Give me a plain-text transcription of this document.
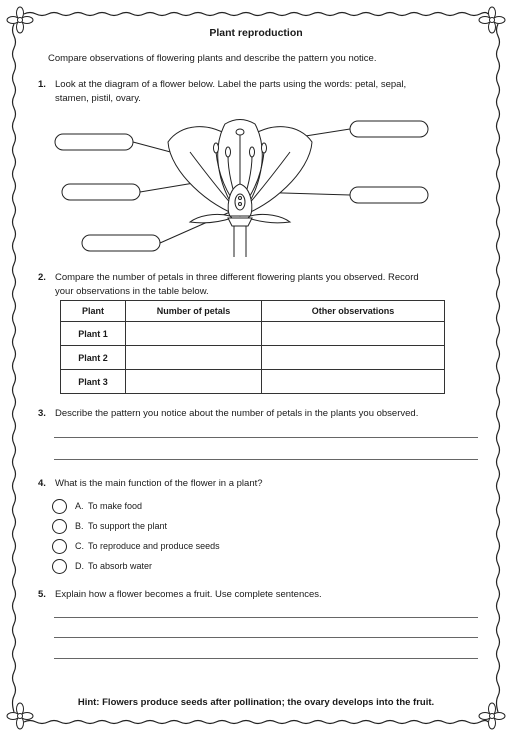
Plant reproduction
Compare observations of flowering plants and describe the pattern you notice.
1. Look at the diagram of a flower below. Label the parts using the words: petal, sepal, stamen, pistil, ovary.
2. Compare the number of petals in three different flowering plants you observed. Record your observations in the table below.
Plant	Number of petals	Other observations
Plant 1		
Plant 2		
Plant 3		
3. Describe the pattern you notice about the number of petals in the plants you observed.
4. What is the main function of the flower in a plant?
A. To make food
B. To support the plant
C. To reproduce and produce seeds
D. To absorb water
5. Explain how a flower becomes a fruit. Use complete sentences.
Hint: Flowers produce seeds after pollination; the ovary develops into the fruit.
